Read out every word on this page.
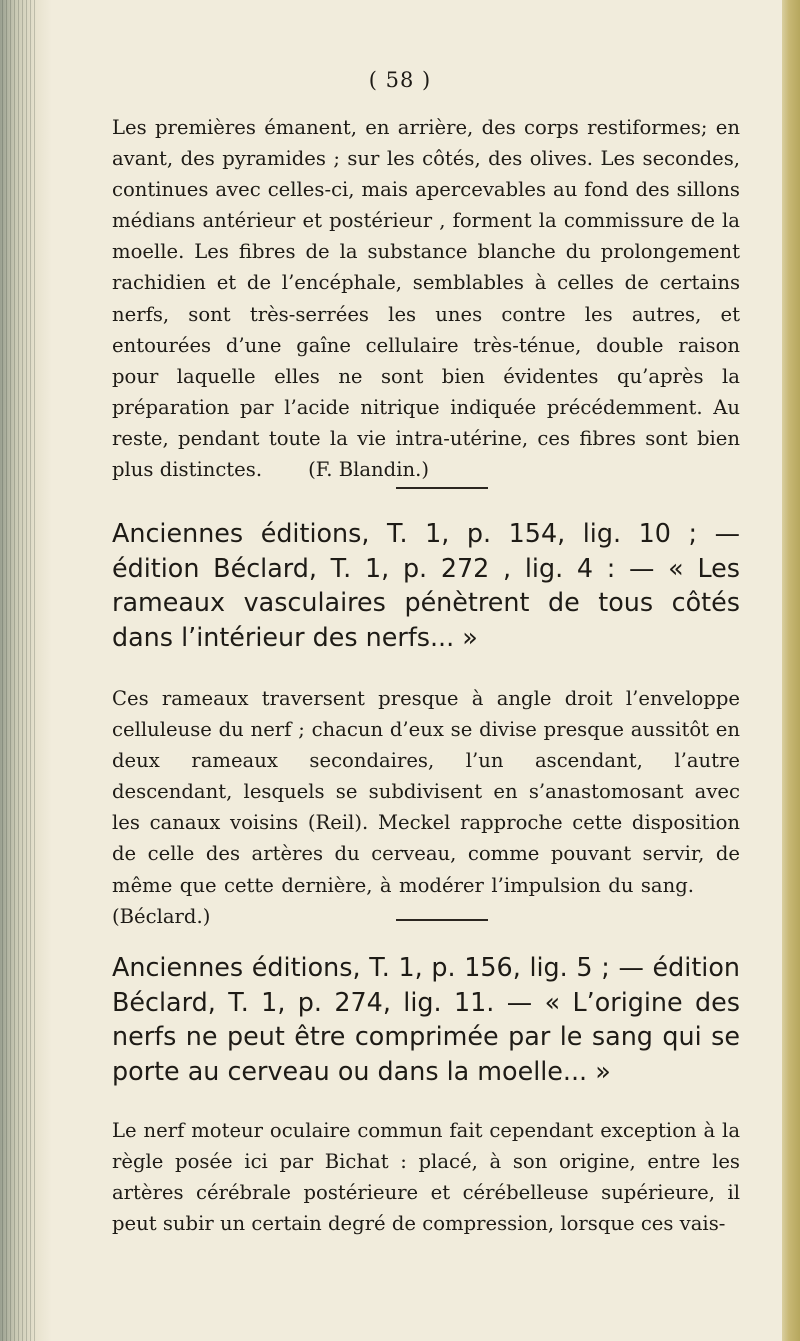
( 58 )

Les premières émanent, en arrière, des corps restiformes; en avant, des pyramides ; sur les côtés, des olives. Les secondes, continues avec celles-ci, mais apercevables au fond des sillons médians antérieur et postérieur , forment la commissure de la moelle. Les fibres de la substance blanche du prolongement rachidien et de l’encéphale, semblables à celles de certains nerfs, sont très-serrées les unes contre les autres, et entourées d’une gaîne cellulaire très-ténue, double raison pour laquelle elles ne sont bien évidentes qu’après la préparation par l’acide nitrique indiquée précédemment. Au reste, pendant toute la vie intra-utérine, ces fibres sont bien plus distinctes. (F. Blandin.)

Anciennes éditions, T. 1, p. 154, lig. 10 ; — édition Béclard, T. 1, p. 272 , lig. 4 : — « Les rameaux vasculaires pénètrent de tous côtés dans l’intérieur des nerfs... »

Ces rameaux traversent presque à angle droit l’enveloppe celluleuse du nerf ; chacun d’eux se divise presque aussitôt en deux rameaux secondaires, l’un ascendant, l’autre descendant, lesquels se subdivisent en s’anastomosant avec les canaux voisins (Reil). Meckel rapproche cette disposition de celle des artères du cerveau, comme pouvant servir, de même que cette dernière, à modérer l’impulsion du sang.(Béclard.)

Anciennes éditions, T. 1, p. 156, lig. 5 ; — édition Béclard, T. 1, p. 274, lig. 11. — « L’origine des nerfs ne peut être comprimée par le sang qui se porte au cerveau ou dans la moelle... »

Le nerf moteur oculaire commun fait cependant exception à la règle posée ici par Bichat : placé, à son origine, entre les artères cérébrale postérieure et cérébelleuse supérieure, il peut subir un certain degré de compression, lorsque ces vais-
